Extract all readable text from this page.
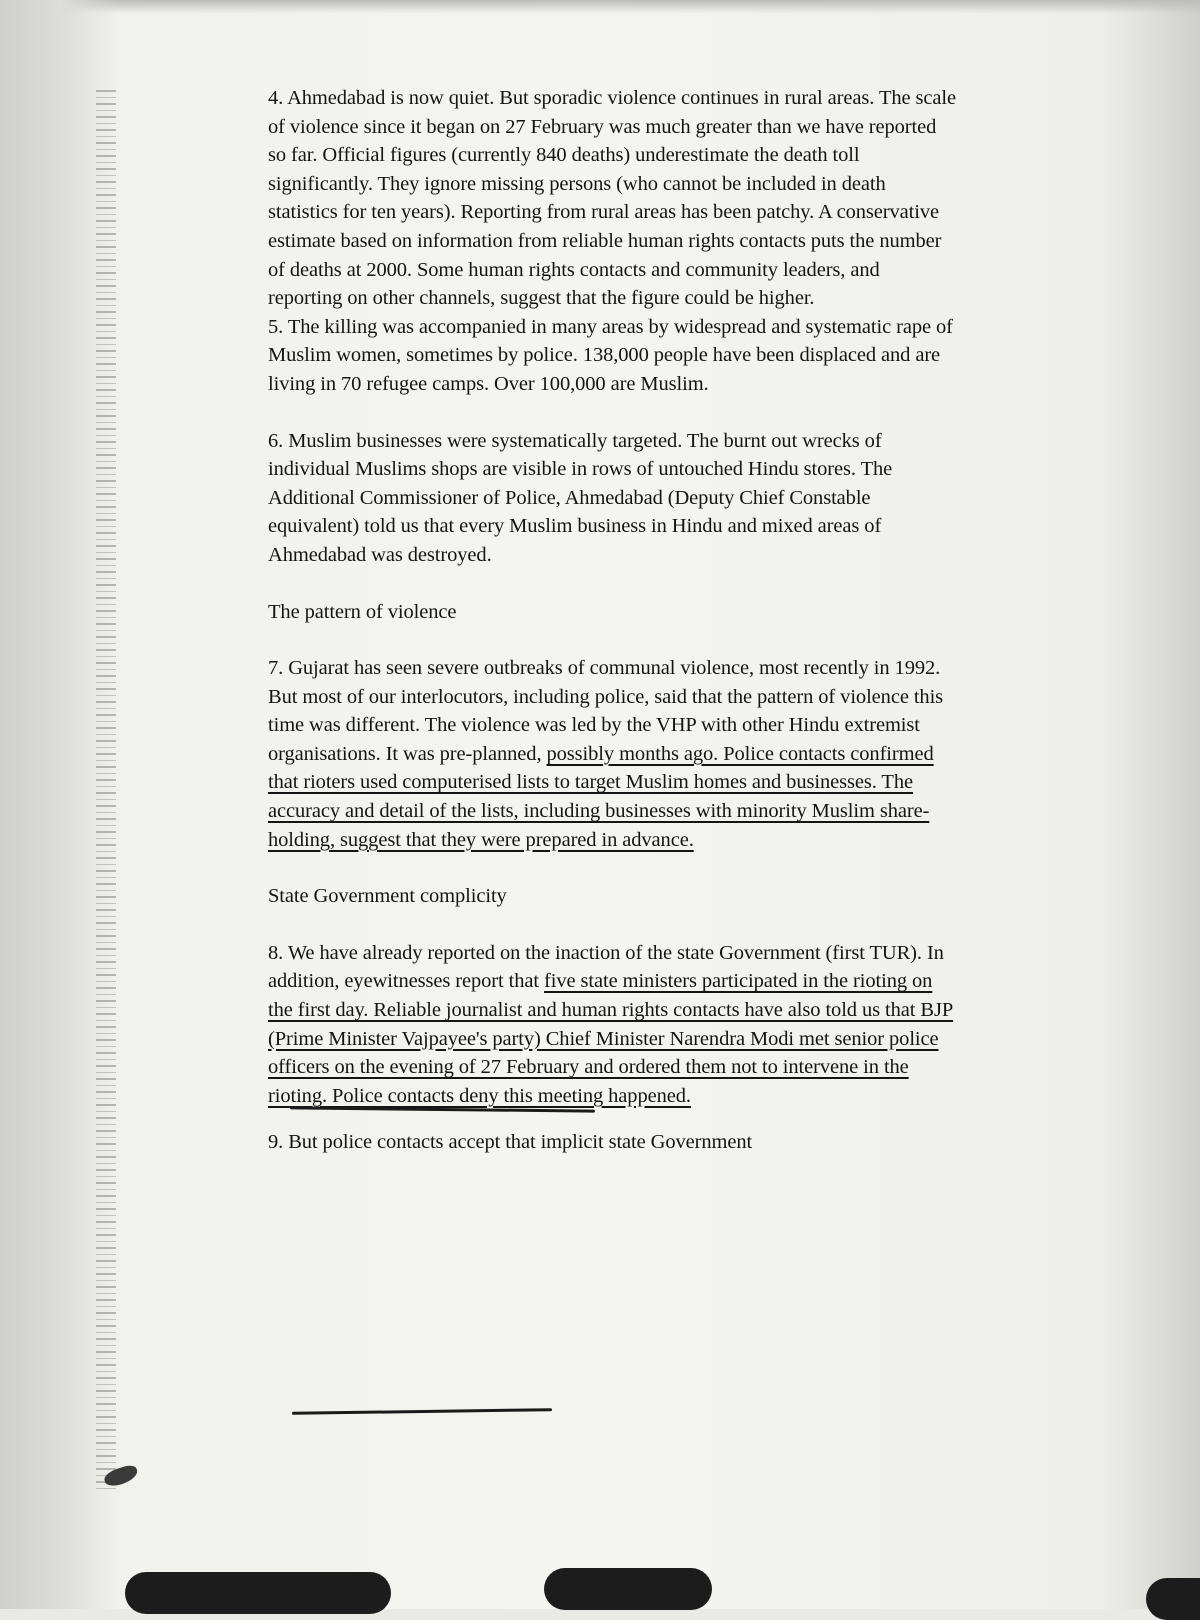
4. Ahmedabad is now quiet. But sporadic violence continues in rural areas. The scale of violence since it began on 27 February was much greater than we have reported so far. Official figures (currently 840 deaths) underestimate the death toll significantly. They ignore missing persons (who cannot be included in death statistics for ten years). Reporting from rural areas has been patchy. A conservative estimate based on information from reliable human rights contacts puts the number of deaths at 2000. Some human rights contacts and community leaders, and reporting on other channels, suggest that the figure could be higher.

5. The killing was accompanied in many areas by widespread and systematic rape of Muslim women, sometimes by police. 138,000 people have been displaced and are living in 70 refugee camps. Over 100,000 are Muslim.

6. Muslim businesses were systematically targeted. The burnt out wrecks of individual Muslims shops are visible in rows of untouched Hindu stores. The Additional Commissioner of Police, Ahmedabad (Deputy Chief Constable equivalent) told us that every Muslim business in Hindu and mixed areas of Ahmedabad was destroyed.

The pattern of violence

7. Gujarat has seen severe outbreaks of communal violence, most recently in 1992. But most of our interlocutors, including police, said that the pattern of violence this time was different. The violence was led by the VHP with other Hindu extremist organisations. It was pre-planned, possibly months ago. Police contacts confirmed that rioters used computerised lists to target Muslim homes and businesses. The accuracy and detail of the lists, including businesses with minority Muslim share-holding, suggest that they were prepared in advance.

State Government complicity

8. We have already reported on the inaction of the state Government (first TUR). In addition, eyewitnesses report that five state ministers participated in the rioting on the first day. Reliable journalist and human rights contacts have also told us that BJP (Prime Minister Vajpayee's party) Chief Minister Narendra Modi met senior police officers on the evening of 27 February and ordered them not to intervene in the rioting. Police contacts deny this meeting happened.

9. But police contacts accept that implicit state Government
